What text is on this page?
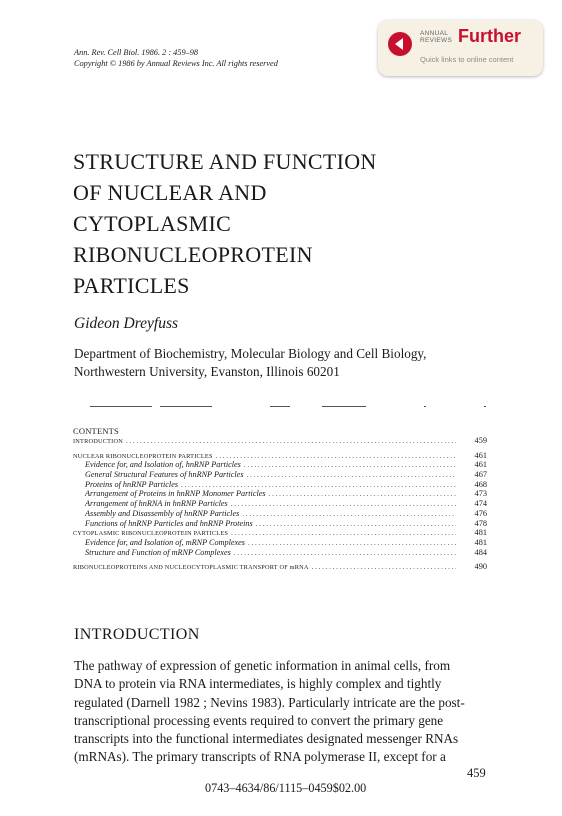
Ann. Rev. Cell Biol. 1986. 2 : 459–98
Copyright © 1986 by Annual Reviews Inc. All rights reserved
ANNUAL
REVIEWS Further
Quick links to online content
STRUCTURE AND FUNCTION
OF NUCLEAR AND
CYTOPLASMIC
RIBONUCLEOPROTEIN
PARTICLES
Gideon Dreyfuss
Department of Biochemistry, Molecular Biology and Cell Biology,
Northwestern University, Evanston, Illinois 60201
CONTENTS
INTRODUCTION . . .	459
NUCLEAR RIBONUCLEOPROTEIN PARTICLES . . .	461
Evidence for, and Isolation of, hnRNP Particles . . .	461
General Structural Features of hnRNP Particles . . .	467
Proteins of hnRNP Particles . . .	468
Arrangement of Proteins in hnRNP Monomer Particles . . .	473
Arrangement of hnRNA in hnRNP Particles . . .	474
Assembly and Disassembly of hnRNP Particles . . .	476
Functions of hnRNP Particles and hnRNP Proteins . . .	478
CYTOPLASMIC RIBONUCLEOPROTEIN PARTICLES . . .	481
Evidence for, and Isolation of, mRNP Complexes . . .	481
Structure and Function of mRNP Complexes . . .	484
RIBONUCLEOPROTEINS AND NUCLEOCYTOPLASMIC TRANSPORT OF mRNA . . .	490
INTRODUCTION
The pathway of expression of genetic information in animal cells, from
DNA to protein via RNA intermediates, is highly complex and tightly
regulated (Darnell 1982 ; Nevins 1983). Particularly intricate are the post-
transcriptional processing events required to convert the primary gene
transcripts into the functional intermediates designated messenger RNAs
(mRNAs). The primary transcripts of RNA polymerase II, except for a
459
0743–4634/86/1115–0459$02.00
